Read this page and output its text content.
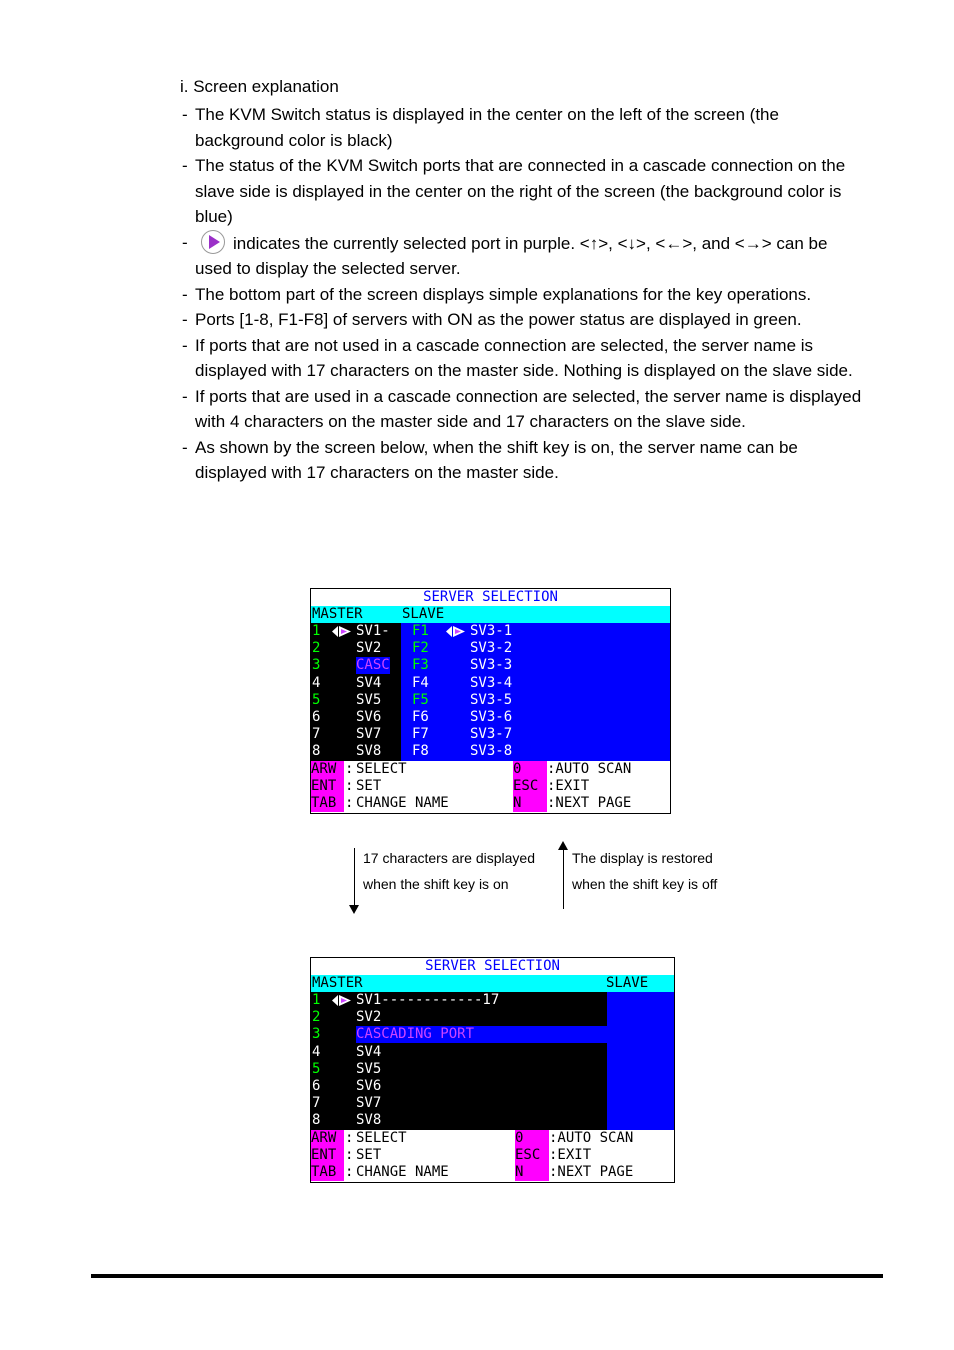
i. Screen explanation
- The KVM Switch status is displayed in the center on the left of the screen (the background color is black)
- The status of the KVM Switch ports that are connected in a cascade connection on the slave side is displayed in the center on the right of the screen (the background color is blue)
-	indicates the currently selected port in purple. <↑>, <↓>, <←>, and <→> can be used to display the selected server.
- The bottom part of the screen displays simple explanations for the key operations.
- Ports [1-8, F1-F8] of servers with ON as the power status are displayed in green.
- If ports that are not used in a cascade connection are selected, the server name is displayed with 17 characters on the master side. Nothing is displayed on the slave side.
- If ports that are used in a cascade connection are selected, the server name is displayed with 4 characters on the master side and 17 characters on the slave side.
- As shown by the screen below, when the shift key is on, the server name can be displayed with 17 characters on the master side.
SERVER SELECTION
MASTER	SLAVE
1	SV1- F1	SV3-1
2	SV2 F2	SV3-2
3	CASC F3	SV3-3
4	SV4 F4	SV3-4
5	SV5 F5	SV3-5
6	SV6 F6	SV3-6
7	SV7 F7	SV3-7
8	SV8 F8	SV3-8
ARW : SELECT	0	:AUTO SCAN
ENT : SET	ESC :EXIT
TAB : CHANGE NAME	N	:NEXT PAGE
17 characters are displayed
when the shift key is on
The display is restored
when the shift key is off
SERVER SELECTION
MASTER	SLAVE
1	SV1------------17
2	SV2
3	CASCADING PORT
4	SV4
5	SV5
6	SV6
7	SV7
8	SV8
ARW : SELECT	0	:AUTO SCAN
ENT : SET	ESC :EXIT
TAB : CHANGE NAME	N	:NEXT PAGE
